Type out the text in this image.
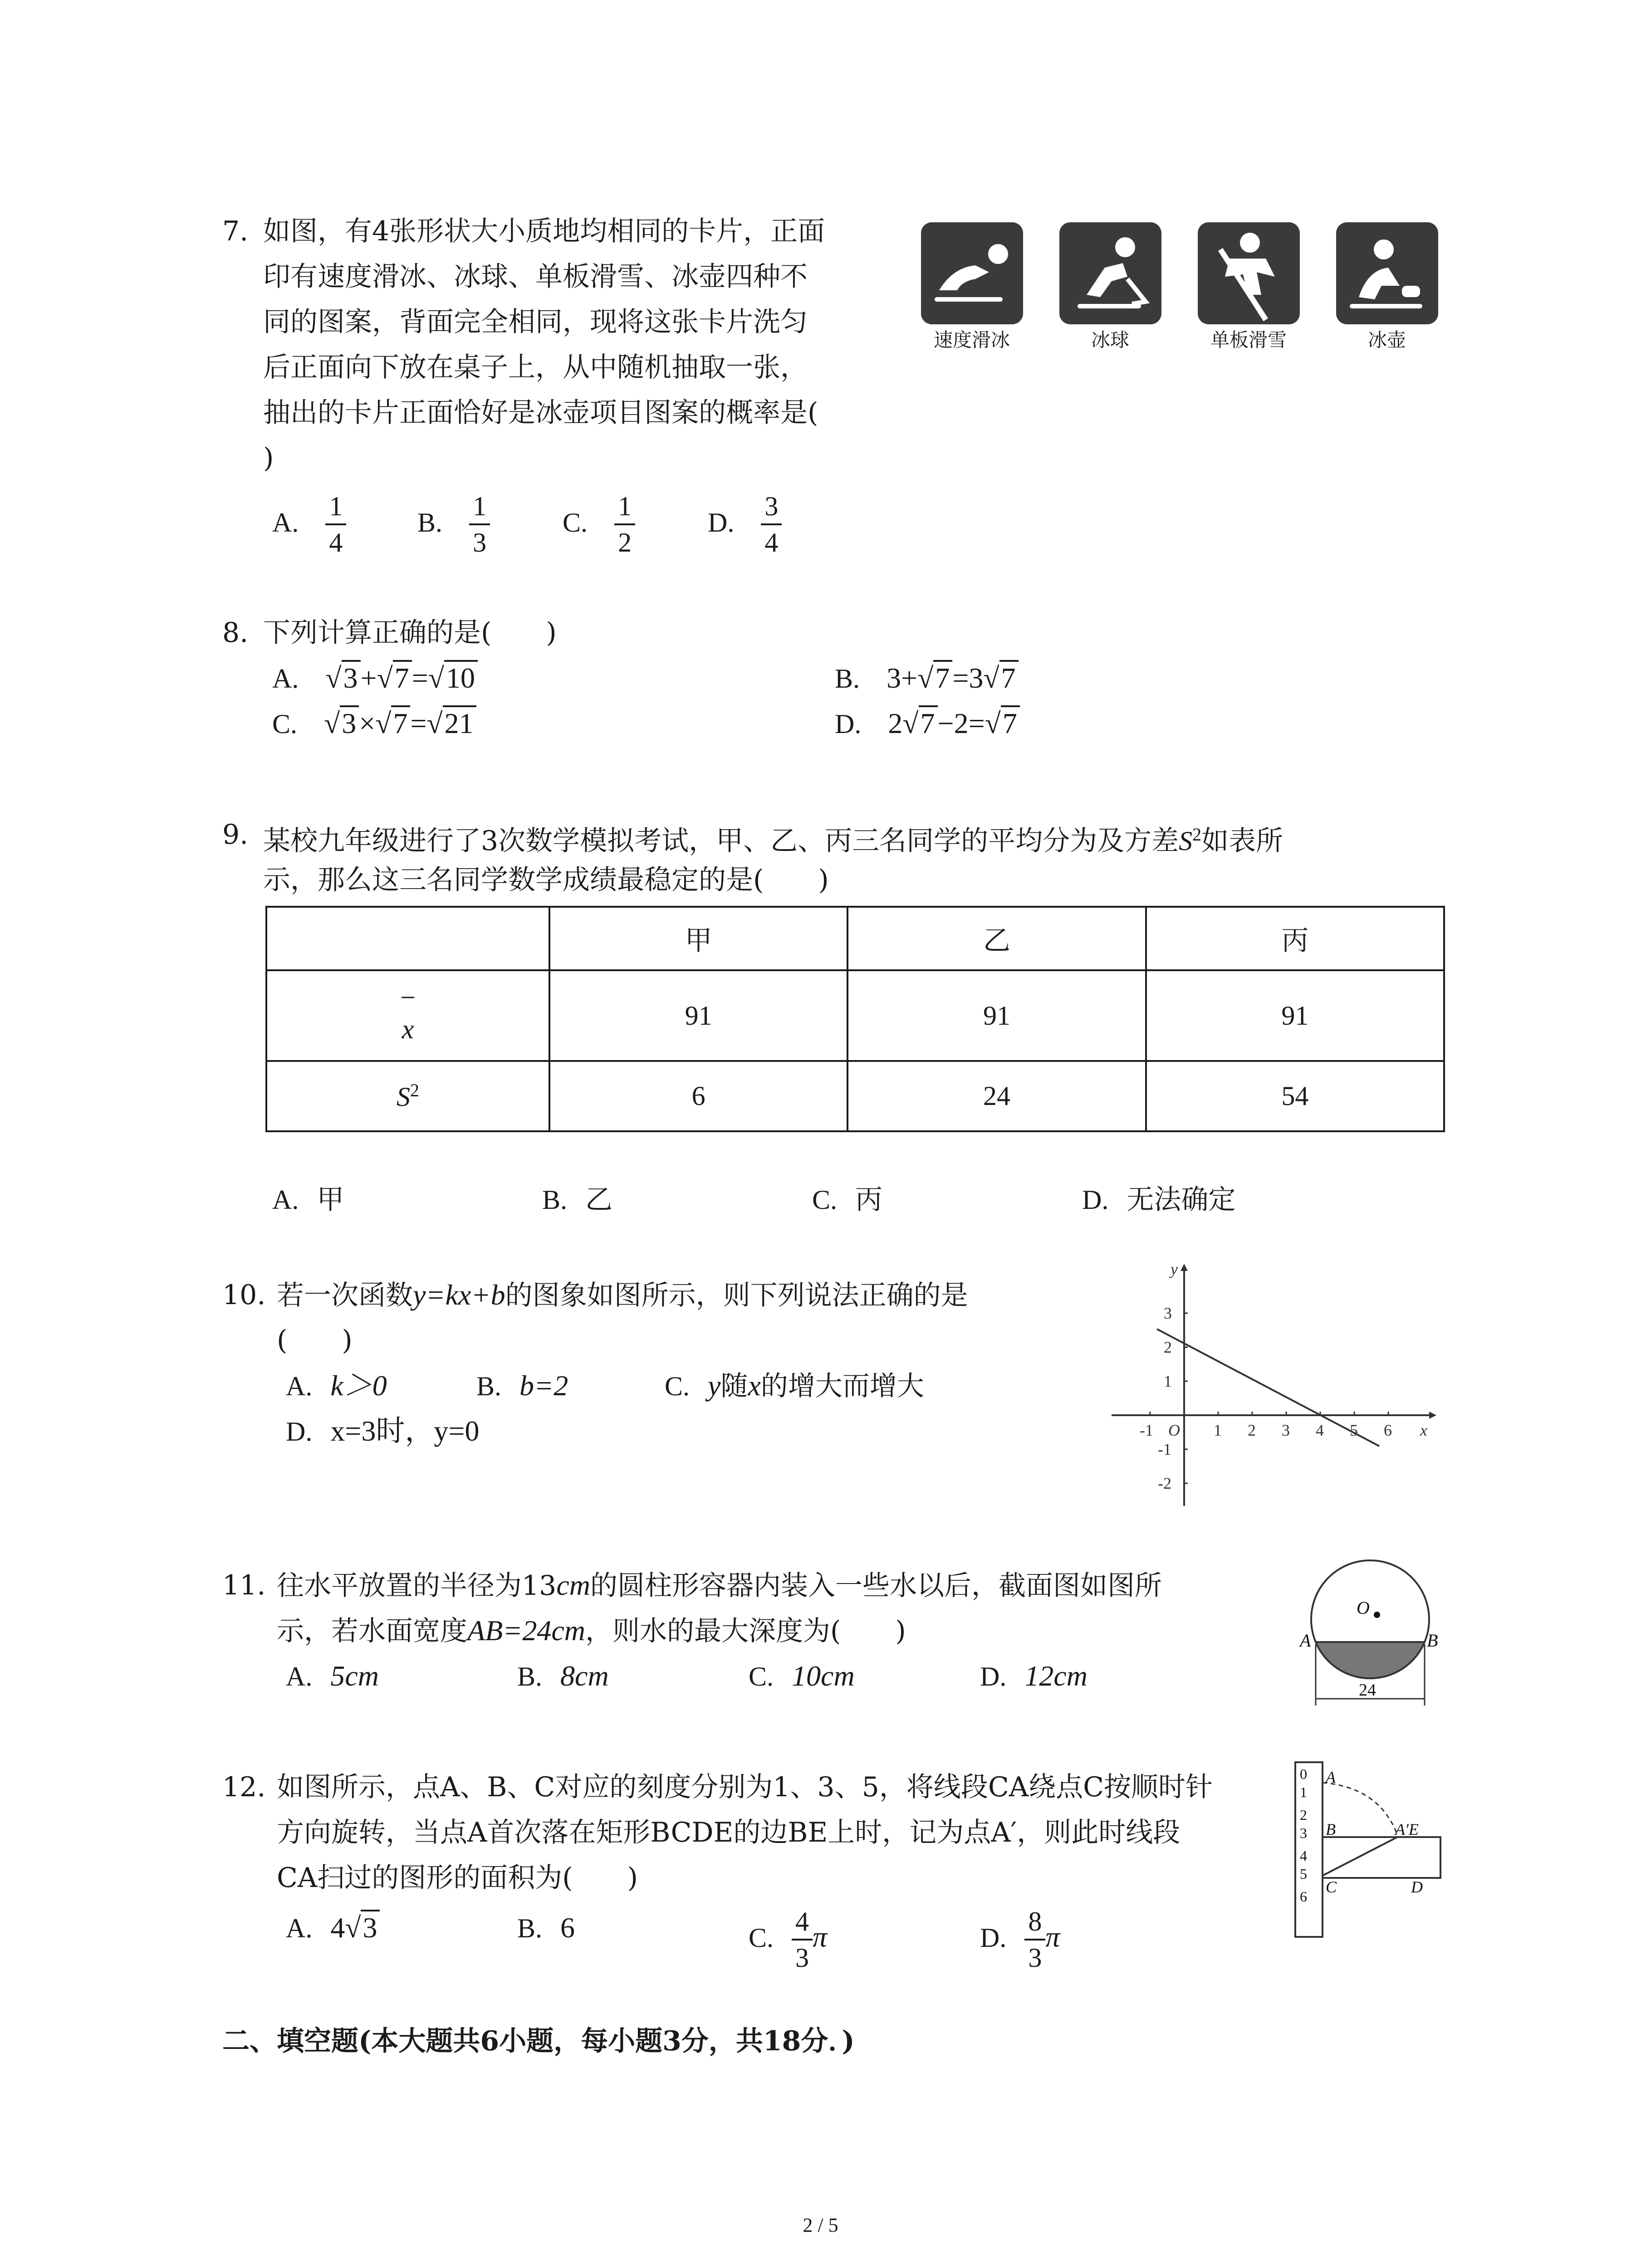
7. 如图，有4张形状大小质地均相同的卡片，正面
印有速度滑冰、冰球、单板滑雪、冰壶四种不
同的图案，背面完全相同，现将这张卡片洗匀
后正面向下放在桌子上，从中随机抽取一张，
抽出的卡片正面恰好是冰壶项目图案的概率是(
)
速度滑冰	冰球	单板滑雪	冰壶
A. $\frac{1}{4}$	B. $\frac{1}{3}$	C. $\frac{1}{2}$	D. $\frac{3}{4}$
8. 下列计算正确的是(　　)
A. √3+√7=√10	B. 3+√7=3√7
C. √3×√7=√21	D. 2√7−2=√7
9. 某校九年级进行了3次数学模拟考试，甲、乙、丙三名同学的平均分为及方差$S^2$如表所
示，那么这三名同学数学成绩最稳定的是(　　)
	甲	乙	丙

−
x	91	91	91
$S^2$	6	24	54
A. 甲	B. 乙	C. 丙	D. 无法确定
10. 若一次函数y=kx+b的图象如图所示，则下列说法正确的是
(　　)
A. k＞0	B. b=2	C. y随x的增大而增大
D. x=3时，y=0	-1	1 2 3 4 5 6
3
2
1
-1
-2
O	x
y
11. 往水平放置的半径为13cm的圆柱形容器内装入一些水以后，截面图如图所
示，若水面宽度AB=24cm，则水的最大深度为(　　)
A. 5cm	B. 8cm	C. 10cm	D. 12cm
O
A	B
24
12. 如图所示，点A、B、C对应的刻度分别为1、3、5，将线段CA绕点C按顺时针
方向旋转，当点A首次落在矩形BCDE的边BE上时，记为点A′，则此时线段
CA扫过的图形的面积为(　　)
A. 4√3	B. 6	C. $\frac{4}{3}$ π	D. $\frac{8}{3}$ π
0
1
2
3
4
5
6
A
B
C	D
A′E
二、填空题(本大题共6小题，每小题3分，共18分．)
2 / 5
